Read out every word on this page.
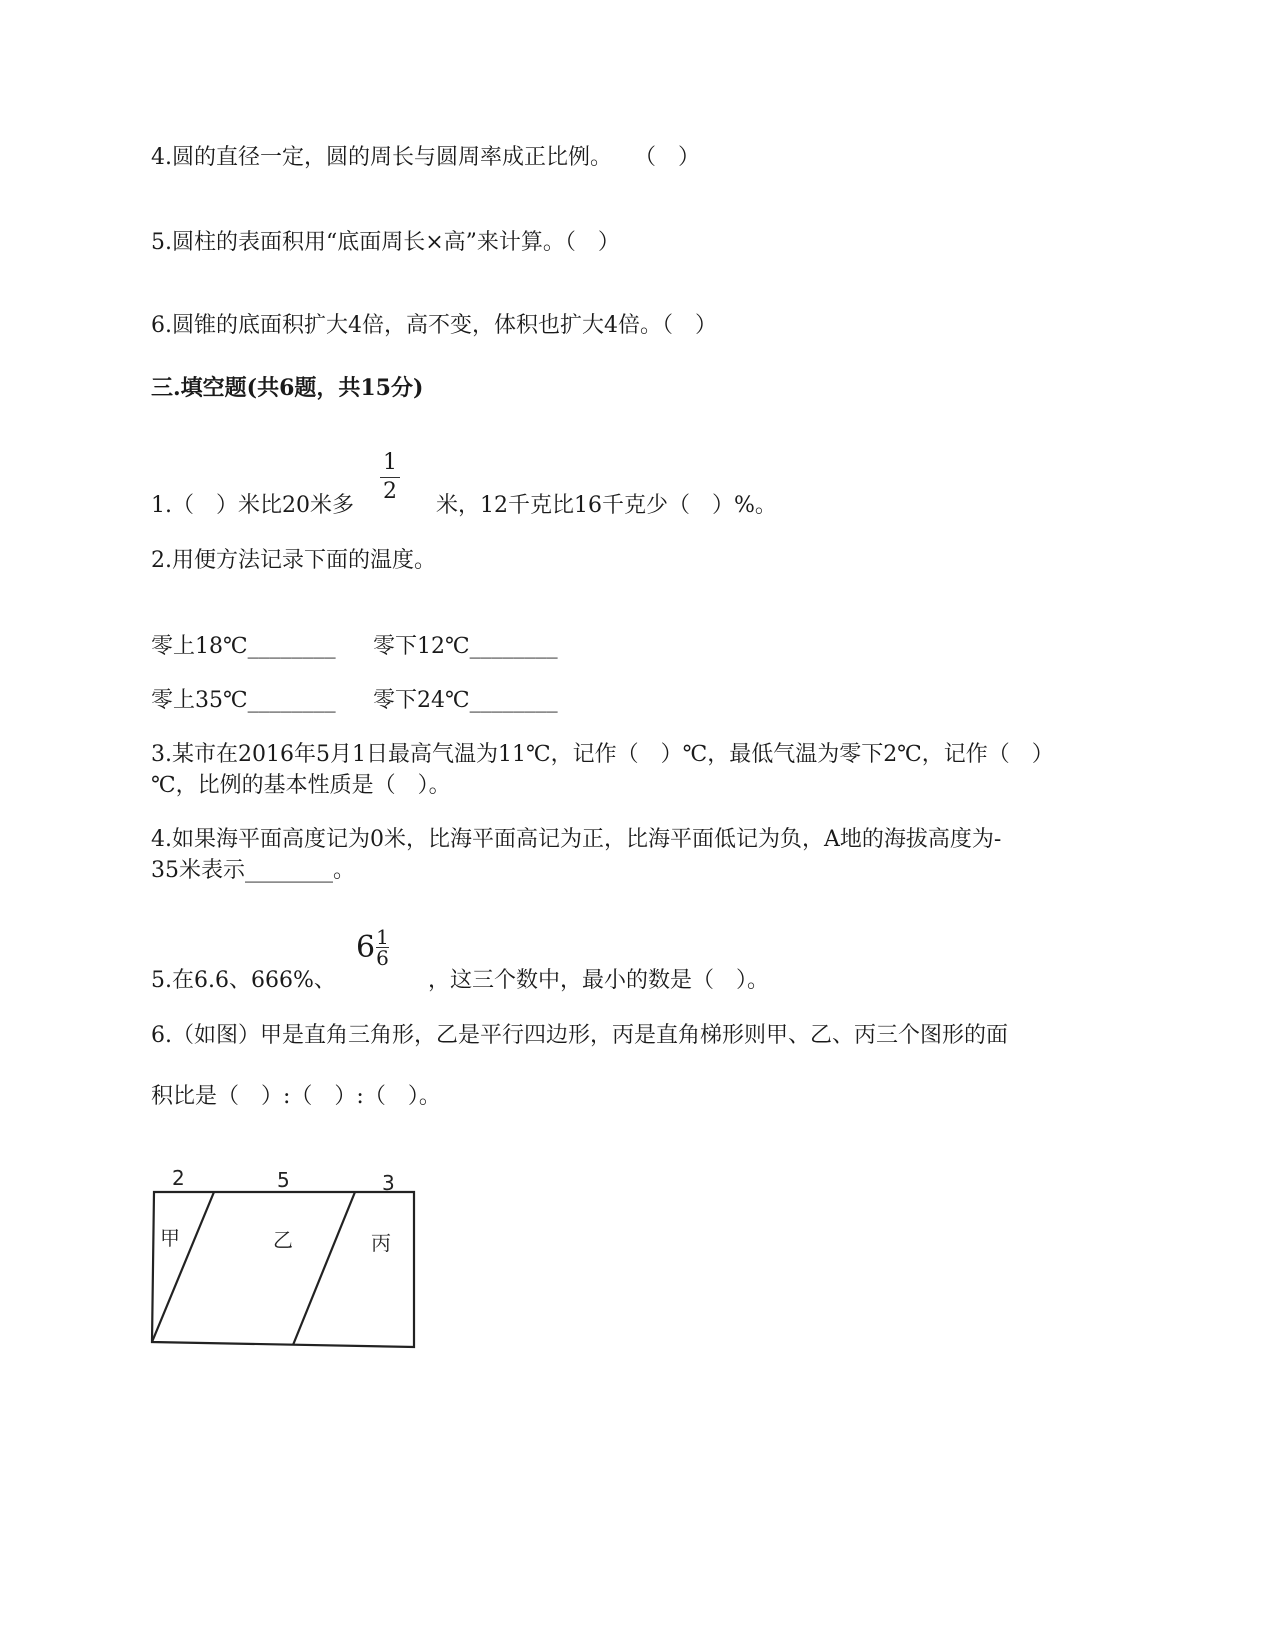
4.圆的直径一定，圆的周长与圆周率成正比例。　　（　）
5.圆柱的表面积用“底面周长×高”来计算。（　）
6.圆锥的底面积扩大4倍，高不变，体积也扩大4倍。（　）
三.填空题(共6题，共15分)
1.（　）米比20米多
1
2
米，12千克比16千克少（　）%。
2.用便方法记录下面的温度。
零上18℃________ 零下12℃________
零上35℃________ 零下24℃________
3.某市在2016年5月1日最高气温为11℃，记作（　）℃，最低气温为零下2℃，记作（　）
℃，比例的基本性质是（　）。
4.如果海平面高度记为0米，比海平面高记为正，比海平面低记为负，A地的海拔高度为-
35米表示________。
5.在6.6、666%、
$6 \frac{1}{6}$
，这三个数中，最小的数是（　）。
6.（如图）甲是直角三角形，乙是平行四边形，丙是直角梯形则甲、乙、丙三个图形的面
积比是（　）:（　）:（　）。
2	5	3
甲	乙	丙
